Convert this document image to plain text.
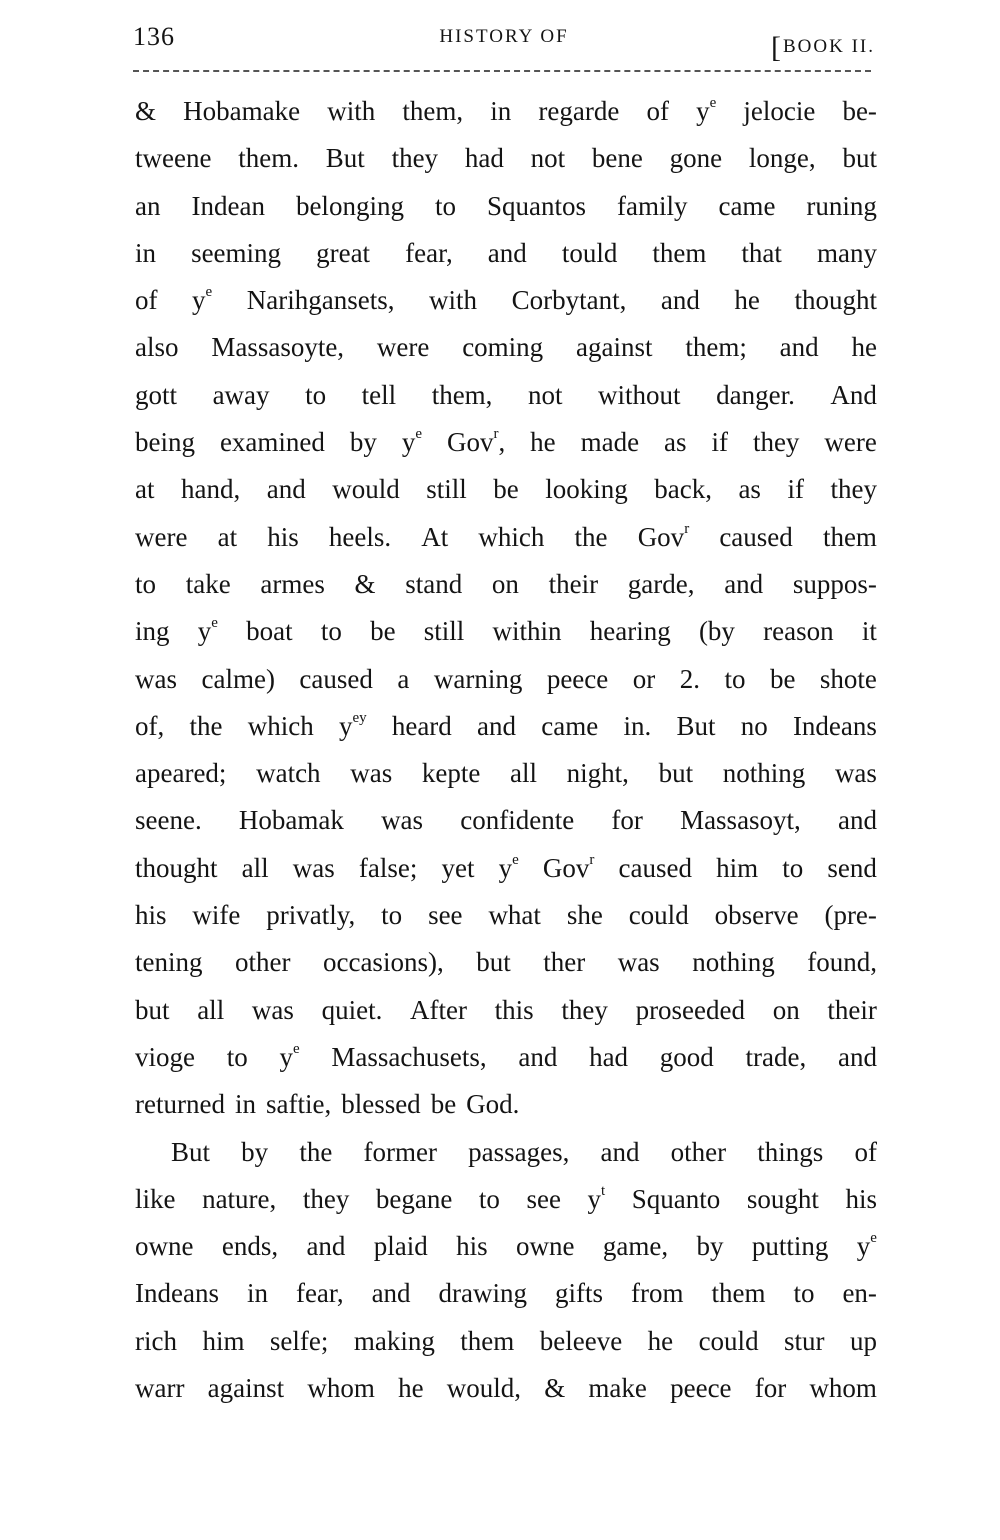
136	HISTORY OF	[ BOOK II.
& Hobamake with them, in regarde of $y^e$ jelocie be-
tweene them. But they had not bene gone longe, but
an Indean belonging to Squantos family came runing
in seeming great fear, and tould them that many
of $y^e$ Narihgansets, with Corbytant, and he thought
also Massasoyte, were coming against them; and he
gott away to tell them, not without danger. And
being examined by $y^e$ Gov$^r$, he made as if they were
at hand, and would still be looking back, as if they
were at his heels. At which the Gov$^r$ caused them
to take armes & stand on their garde, and suppos-
ing $y^e$ boat to be still within hearing (by reason it
was calme) caused a warning peece or 2. to be shote
of, the which $y^{ey}$ heard and came in. But no Indeans
apeared; watch was kepte all night, but nothing was
seene. Hobamak was confidente for Massasoyt, and
thought all was false; yet $y^e$ Gov$^r$ caused him to send
his wife privatly, to see what she could observe (pre-
tening other occasions), but ther was nothing found,
but all was quiet. After this they proseeded on their
vioge to $y^e$ Massachusets, and had good trade, and
returned in saftie, blessed be God.
But by the former passages, and other things of
like nature, they begane to see $y^t$ Squanto sought his
owne ends, and plaid his owne game, by putting $y^e$
Indeans in fear, and drawing gifts from them to en-
rich him selfe; making them beleeve he could stur up
warr against whom he would, & make peece for whom
